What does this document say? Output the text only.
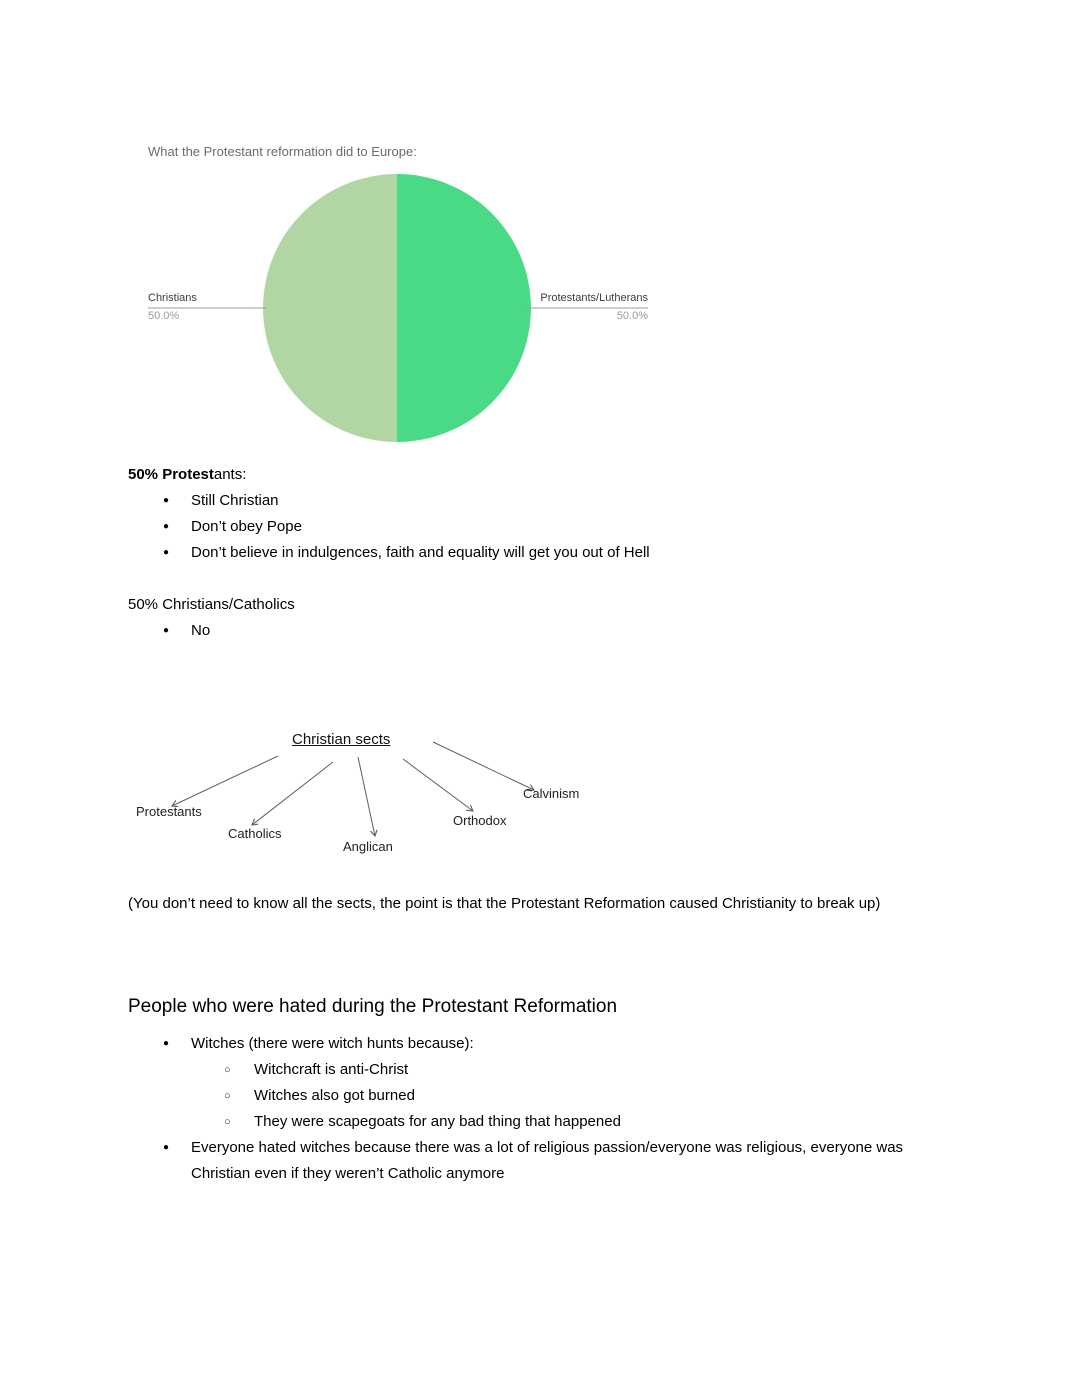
What the Protestant reformation did to Europe:
Christians
50.0%
Protestants/Lutherans
50.0%

50% Protestants:

● Still Christian
● Don’t obey Pope
● Don’t believe in indulgences, faith and equality will get you out of Hell

50% Christians/Catholics

● No
Christian sects
Protestants
Catholics
Anglican
Orthodox
Calvinism

(You don’t need to know all the sects, the point is that the Protestant Reformation caused Christianity to break up)

People who were hated during the Protestant Reformation
● Witches (there were witch hunts because):
○ Witchcraft is anti-Christ
○ Witches also got burned
○ They were scapegoats for any bad thing that happened
● Everyone hated witches because there was a lot of religious passion/everyone was religious, everyone was Christian even if they weren’t Catholic anymore
